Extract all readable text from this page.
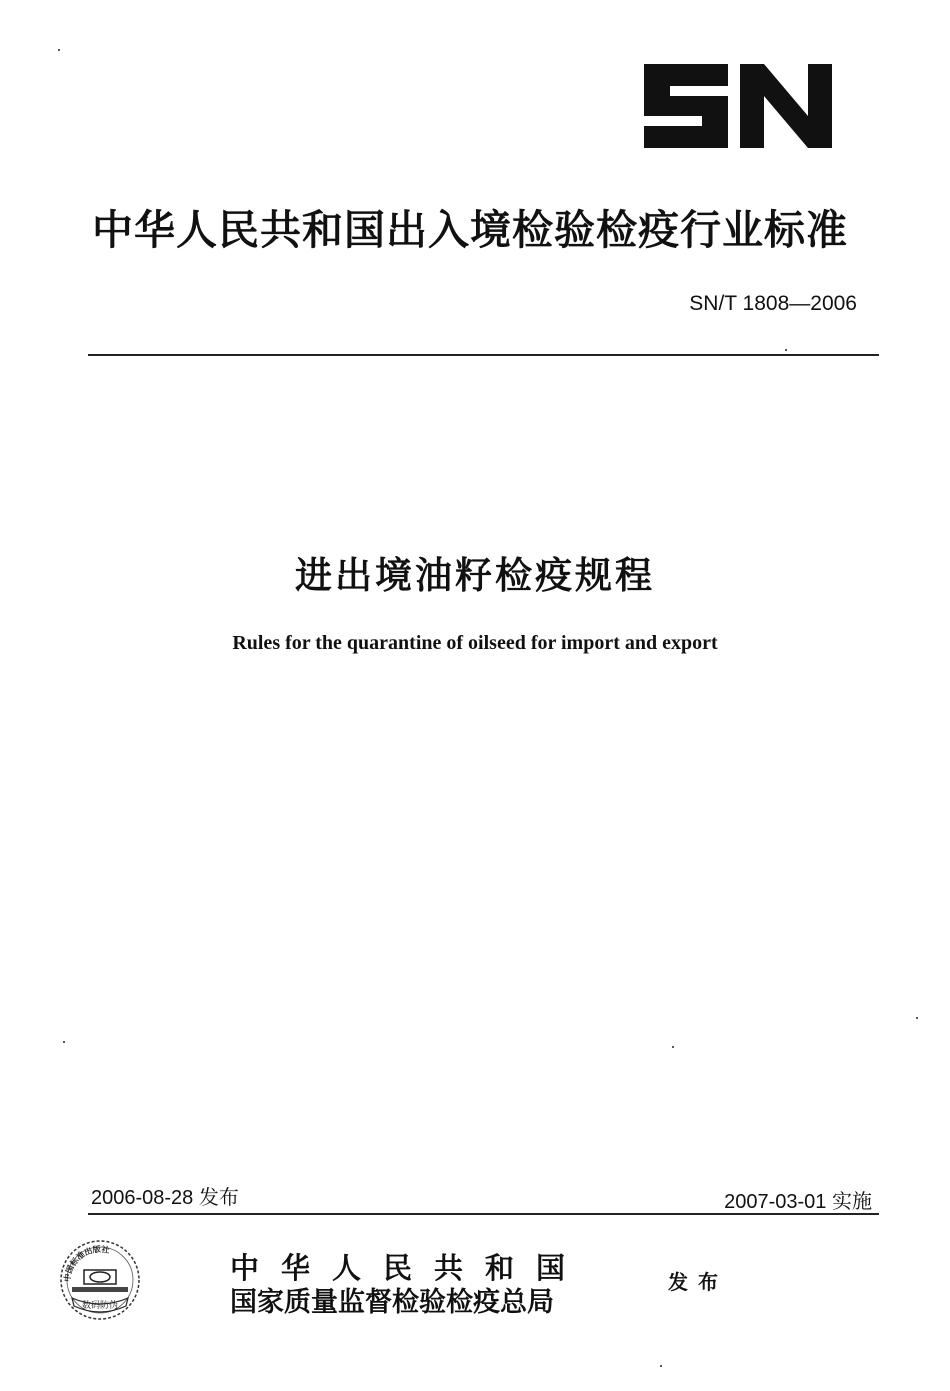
中华人民共和国出入境检验检疫行业标准
SN/T 1808—2006
进出境油籽检疫规程
Rules for the quarantine of oilseed for import and export
2006-08-28 发布	2007-03-01 实施
中国标准出版社
数码防伪
中华人民共和国
国家质量监督检验检疫总局
发布
